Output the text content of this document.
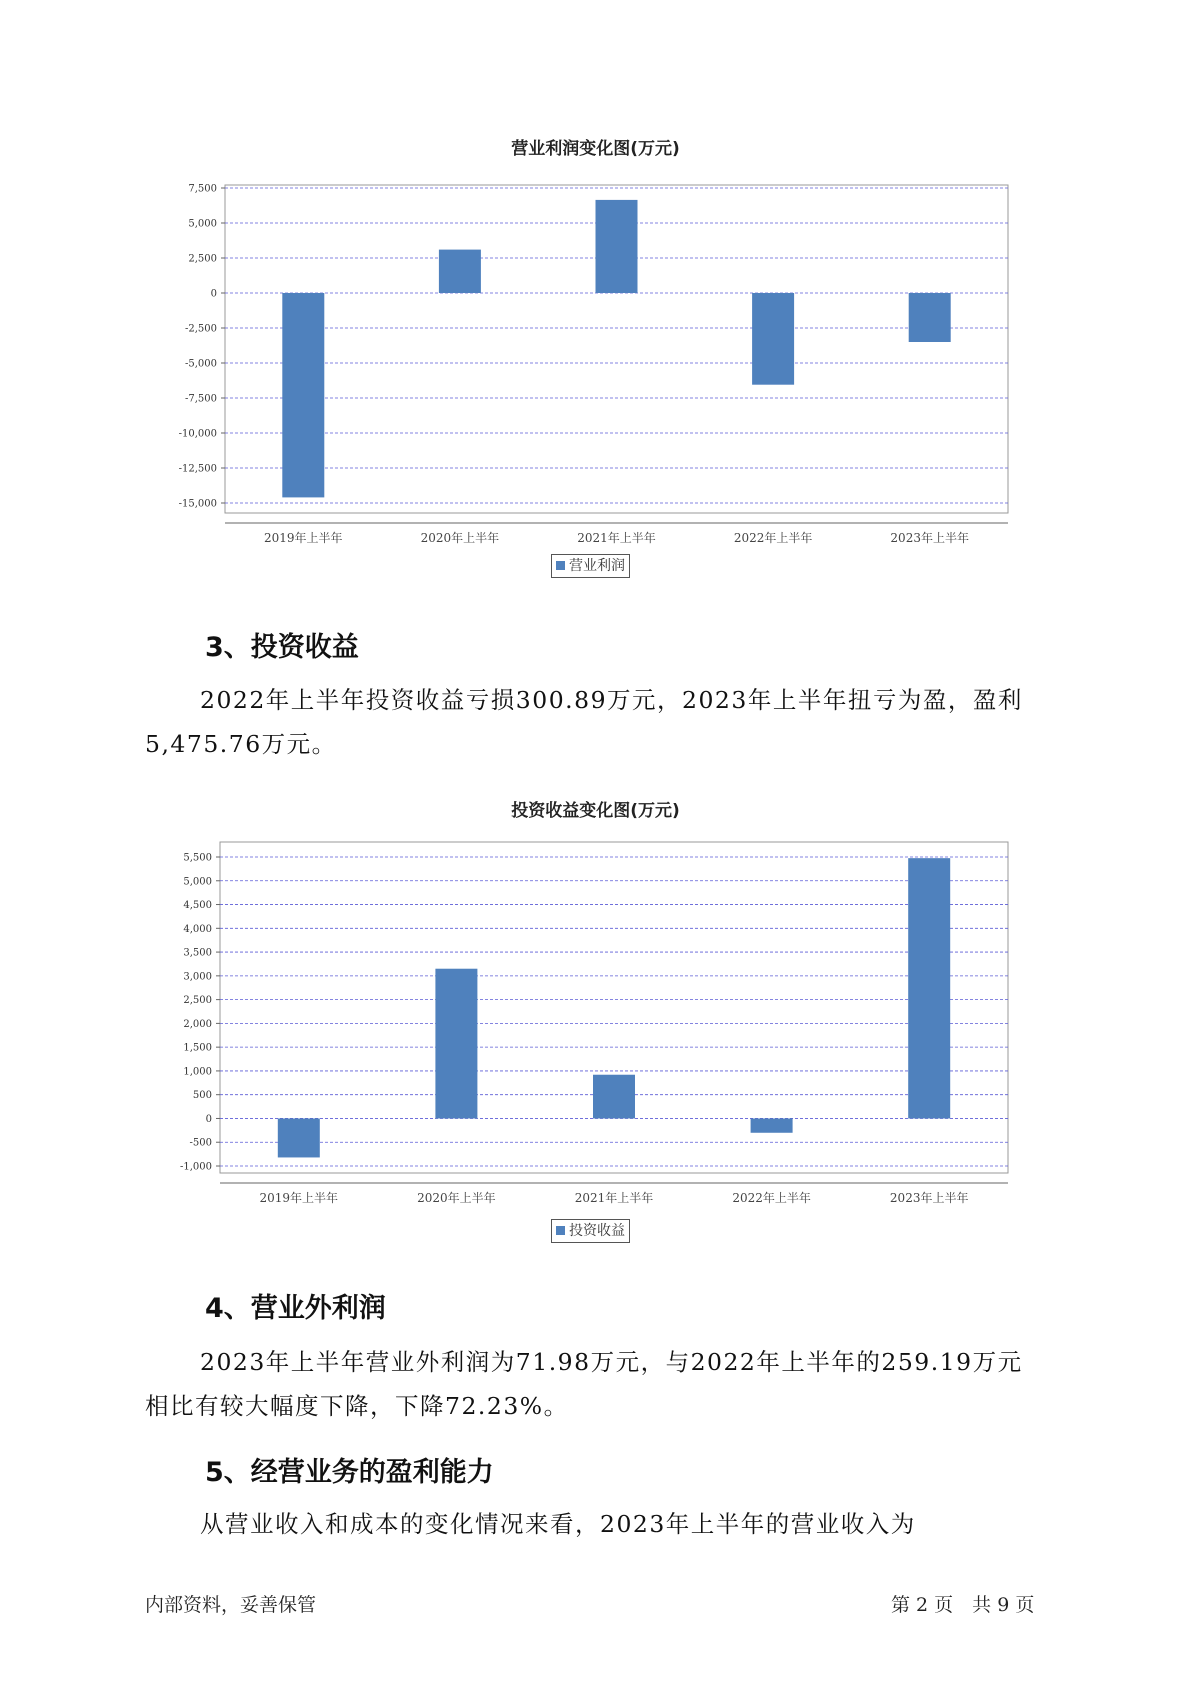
营业利润变化图(万元)
7,500
5,000
2,500
0
-2,500
-5,000
-7,500
-10,000
-12,500
-15,000
2019年上半年	2020年上半年	2021年上半年	2022年上半年	2023年上半年
营业利润
3、投资收益

2022年上半年投资收益亏损300.89万元，2023年上半年扭亏为盈，盈利5,475.76万元。

投资收益变化图(万元)
5,500
5,000
4,500
4,000
3,500
3,000
2,500
2,000
1,500
1,000
500
0
-500
-1,000
2019年上半年	2020年上半年	2021年上半年	2022年上半年	2023年上半年
投资收益
4、营业外利润

2023年上半年营业外利润为71.98万元，与2022年上半年的259.19万元相比有较大幅度下降，下降72.23%。

5、经营业务的盈利能力

从营业收入和成本的变化情况来看，2023年上半年的营业收入为

内部资料，妥善保管	第 2 页　共 9 页
